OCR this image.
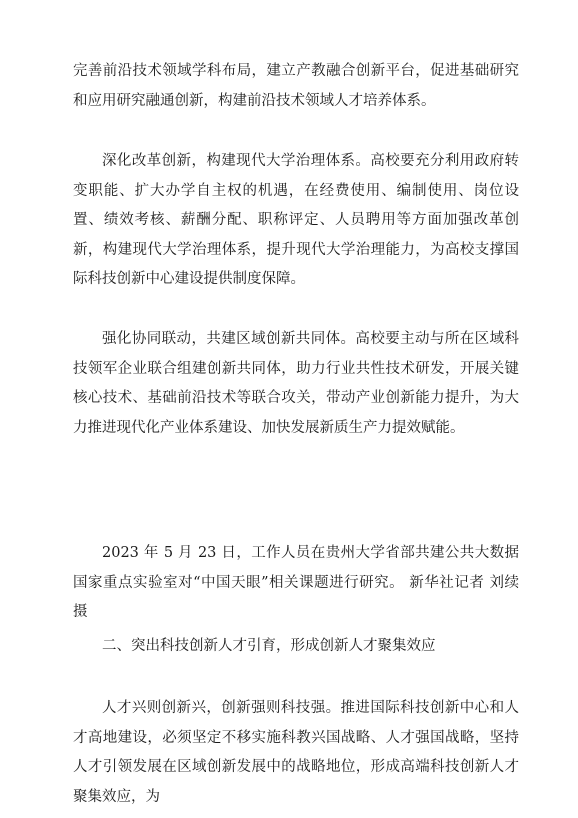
完善前沿技术领域学科布局，建立产教融合创新平台，促进基础研究和应用研究融通创新，构建前沿技术领域人才培养体系。

深化改革创新，构建现代大学治理体系。高校要充分利用政府转变职能、扩大办学自主权的机遇，在经费使用、编制使用、岗位设置、绩效考核、薪酬分配、职称评定、人员聘用等方面加强改革创新，构建现代大学治理体系，提升现代大学治理能力，为高校支撑国际科技创新中心建设提供制度保障。

强化协同联动，共建区域创新共同体。高校要主动与所在区域科技领军企业联合组建创新共同体，助力行业共性技术研发，开展关键核心技术、基础前沿技术等联合攻关，带动产业创新能力提升，为大力推进现代化产业体系建设、加快发展新质生产力提效赋能。

2023 年 5 月 23 日，工作人员在贵州大学省部共建公共大数据国家重点实验室对“中国天眼”相关课题进行研究。 新华社记者 刘续 摄

二、突出科技创新人才引育，形成创新人才聚集效应

人才兴则创新兴，创新强则科技强。推进国际科技创新中心和人才高地建设，必须坚定不移实施科教兴国战略、人才强国战略，坚持人才引领发展在区域创新发展中的战略地位，形成高端科技创新人才聚集效应，为
